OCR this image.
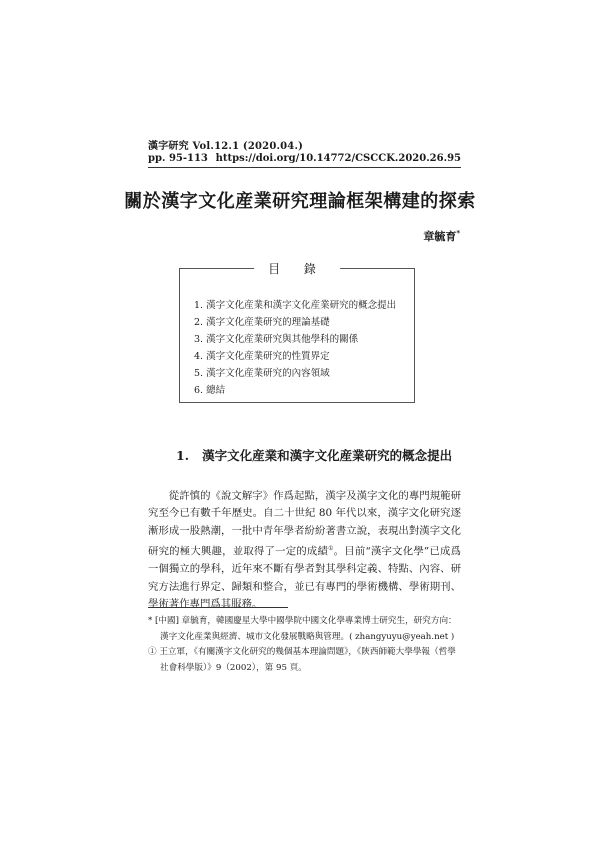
漢字研究 Vol.12.1 (2020.04.)
pp. 95-113 https://doi.org/10.14772/CSCCK.2020.26.95
關於漢字文化産業研究理論框架構建的探索
章毓育*
目 錄
1. 漢字文化産業和漢字文化産業研究的概念提出
2. 漢字文化産業研究的理論基礎
3. 漢字文化産業研究與其他學科的關係
4. 漢字文化産業研究的性質界定
5. 漢字文化産業研究的內容領域
6. 總結
1. 漢字文化産業和漢字文化産業研究的概念提出

從許慎的《說文解字》作爲起點，漢字及漢字文化的專門規範研究至今已有數千年歷史。自二十世紀 80 年代以來，漢字文化研究逐漸形成一股熱潮，一批中青年學者紛紛著書立說，表現出對漢字文化研究的極大興趣，並取得了一定的成績①。目前“漢字文化學”已成爲一個獨立的學科，近年來不斷有學者對其學科定義、特點、內容、研究方法進行界定、歸類和整合，並已有專門的學術機構、學術期刊、學術著作專門爲其服務。

* [中國] 章毓育，韓國慶星大學中國學院中國文化學專業博士研究生，研究方向：漢字文化産業與經濟、城市文化發展戰略與管理。( zhangyuyu@yeah.net )

① 王立軍，《有關漢字文化研究的幾個基本理論問題》，《陝西師範大學學報（哲學社會科學版）》9（2002），第 95 頁。
